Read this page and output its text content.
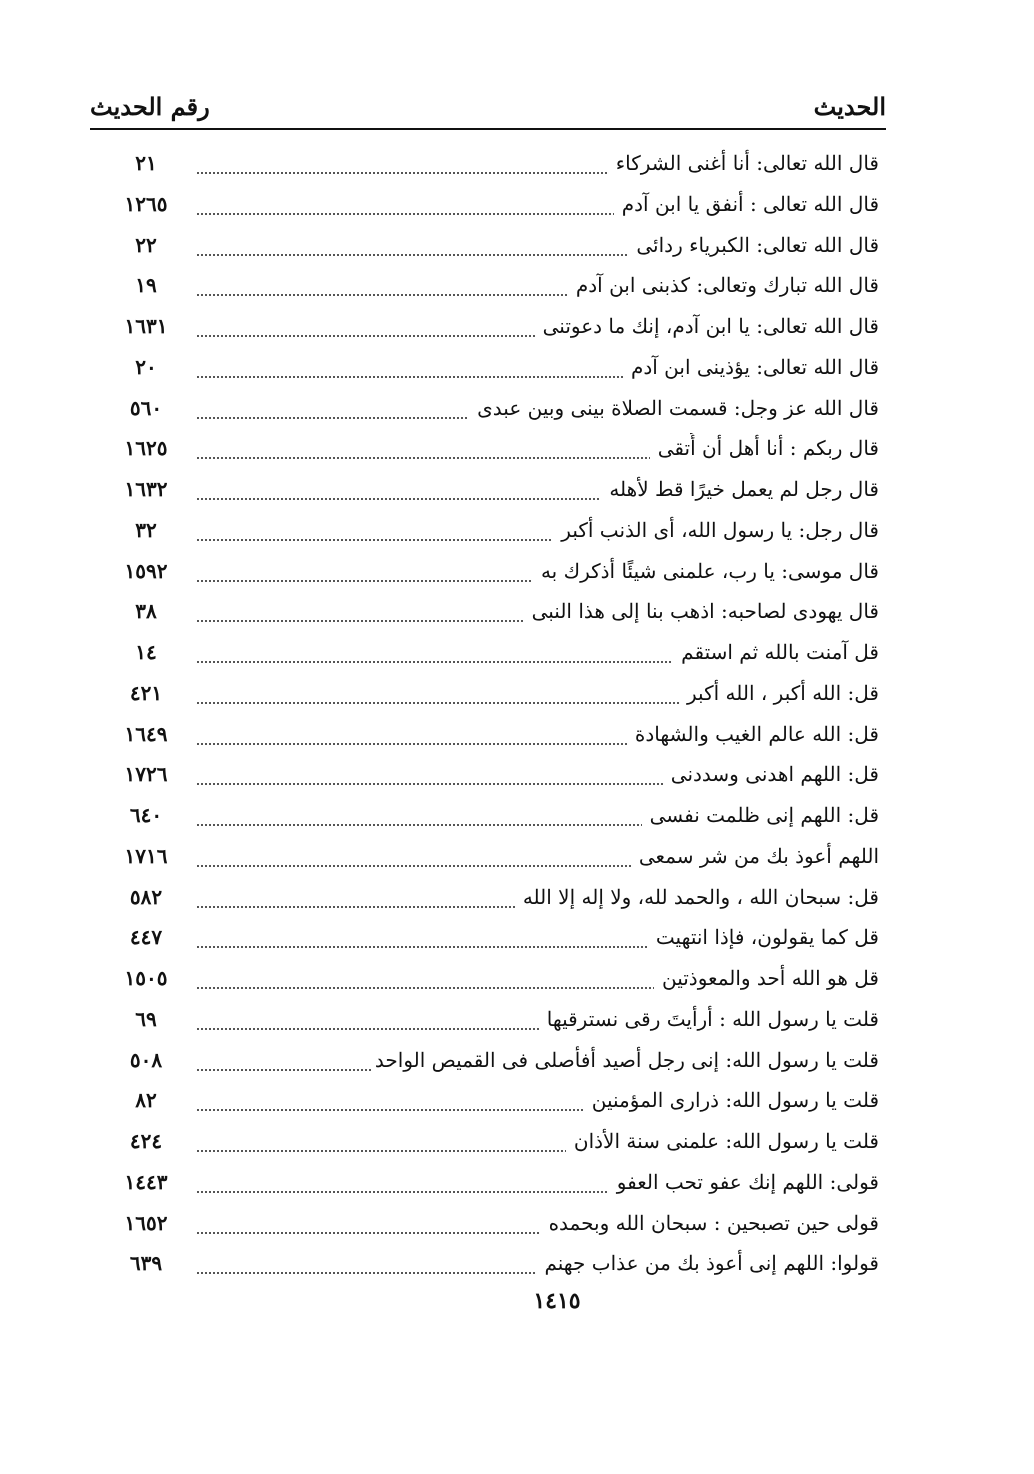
الحديث
رقم الحديث
قال الله تعالى: أنا أغنى الشركاء
٢١
قال الله تعالى : أنفق يا ابن آدم
١٢٦٥
قال الله تعالى: الكبرياء ردائى
٢٢
قال الله تبارك وتعالى: كذبنى ابن آدم
١٩
قال الله تعالى: يا ابن آدم، إنك ما دعوتنى
١٦٣١
قال الله تعالى: يؤذينى ابن آدم
٢٠
قال الله عز وجل: قسمت الصلاة بينى وبين عبدى
٥٦٠
قال ربكم : أنا أهل أن أُتقى
١٦٢٥
قال رجل لم يعمل خيرًا قط لأهله
١٦٣٢
قال رجل: يا رسول الله، أى الذنب أكبر
٣٢
قال موسى: يا رب، علمنى شيئًا أذكرك به
١٥٩٢
قال يهودى لصاحبه: اذهب بنا إلى هذا النبى
٣٨
قل آمنت بالله ثم استقم
١٤
قل: الله أكبر ، الله أكبر
٤٢١
قل: الله عالم الغيب والشهادة
١٦٤٩
قل: اللهم اهدنى وسددنى
١٧٢٦
قل: اللهم إنى ظلمت نفسى
٦٤٠
اللهم أعوذ بك من شر سمعى
١٧١٦
قل: سبحان الله ، والحمد لله، ولا إله إلا الله
٥٨٢
قل كما يقولون، فإذا انتهيت
٤٤٧
قل هو الله أحد والمعوذتين
١٥٠٥
قلت يا رسول الله : أرأيتَ رقى نسترقيها
٦٩
قلت يا رسول الله: إنى رجل أصيد أفأصلى فى القميص الواحد
٥٠٨
قلت يا رسول الله: ذرارى المؤمنين
٨٢
قلت يا رسول الله: علمنى سنة الأذان
٤٢٤
قولى: اللهم إنك عفو تحب العفو
١٤٤٣
قولى حين تصبحين : سبحان الله وبحمده
١٦٥٢
قولوا: اللهم إنى أعوذ بك من عذاب جهنم
٦٣٩
١٤١٥
